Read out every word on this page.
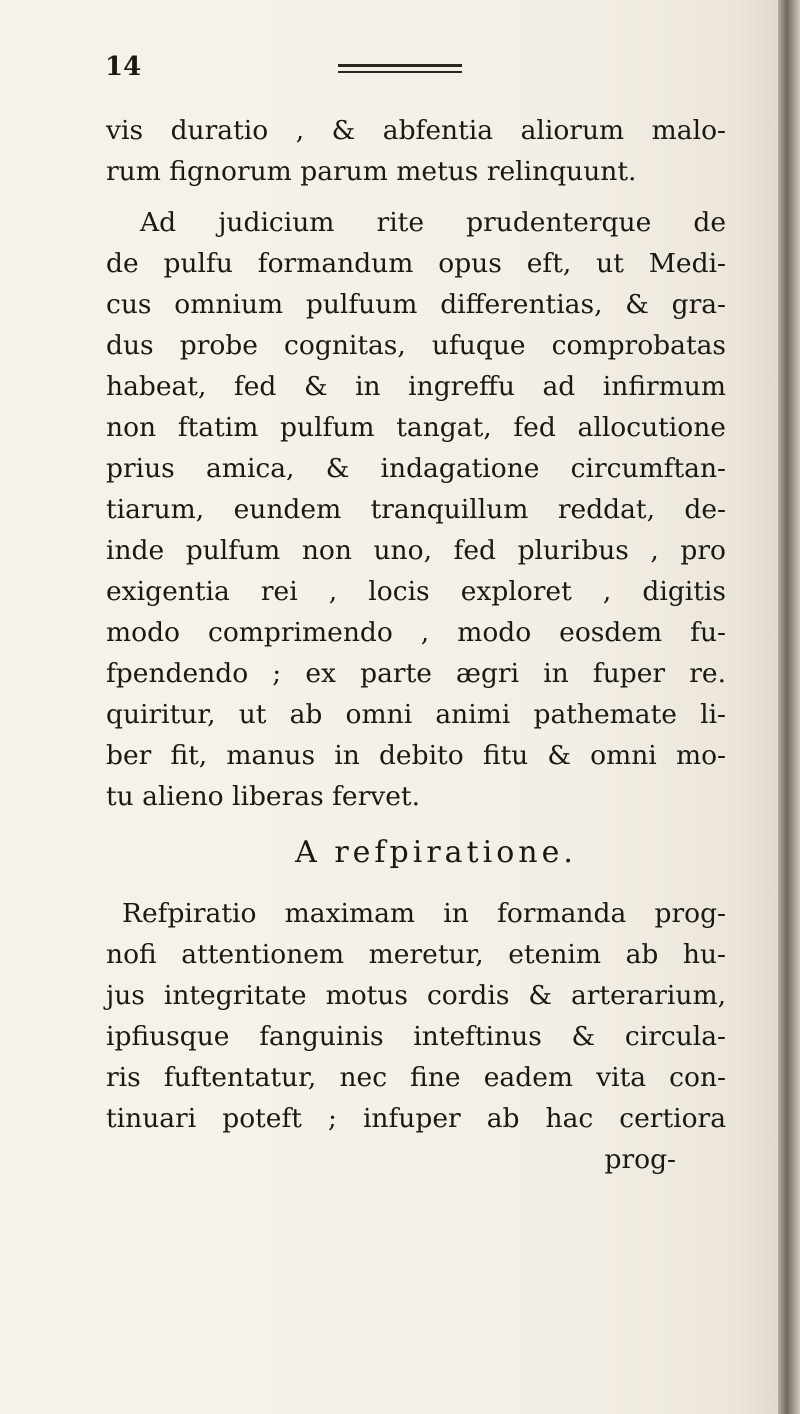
14
vis duratio , & abfentia aliorum malo-
rum fignorum parum metus relinquunt.
Ad judicium rite prudenterque de
de pulfu formandum opus eft, ut Medi-
cus omnium pulfuum differentias, & gra-
dus probe cognitas, ufuque comprobatas
habeat, fed & in ingreffu ad infirmum
non ftatim pulfum tangat, fed allocutione
prius amica, & indagatione circumftan-
tiarum, eundem tranquillum reddat, de-
inde pulfum non uno, fed pluribus , pro
exigentia rei , locis exploret , digitis
modo comprimendo , modo eosdem fu-
fpendendo ; ex parte ægri in fuper re.
quiritur, ut ab omni animi pathemate li-
ber fit, manus in debito fitu & omni mo-
tu alieno liberas fervet.
A refpiratione.
Refpiratio maximam in formanda prog-
nofi attentionem meretur, etenim ab hu-
jus integritate motus cordis & arterarium,
ipfiusque fanguinis inteftinus & circula-
ris fuftentatur, nec fine eadem vita con-
tinuari poteft ; infuper ab hac certiora
prog-
